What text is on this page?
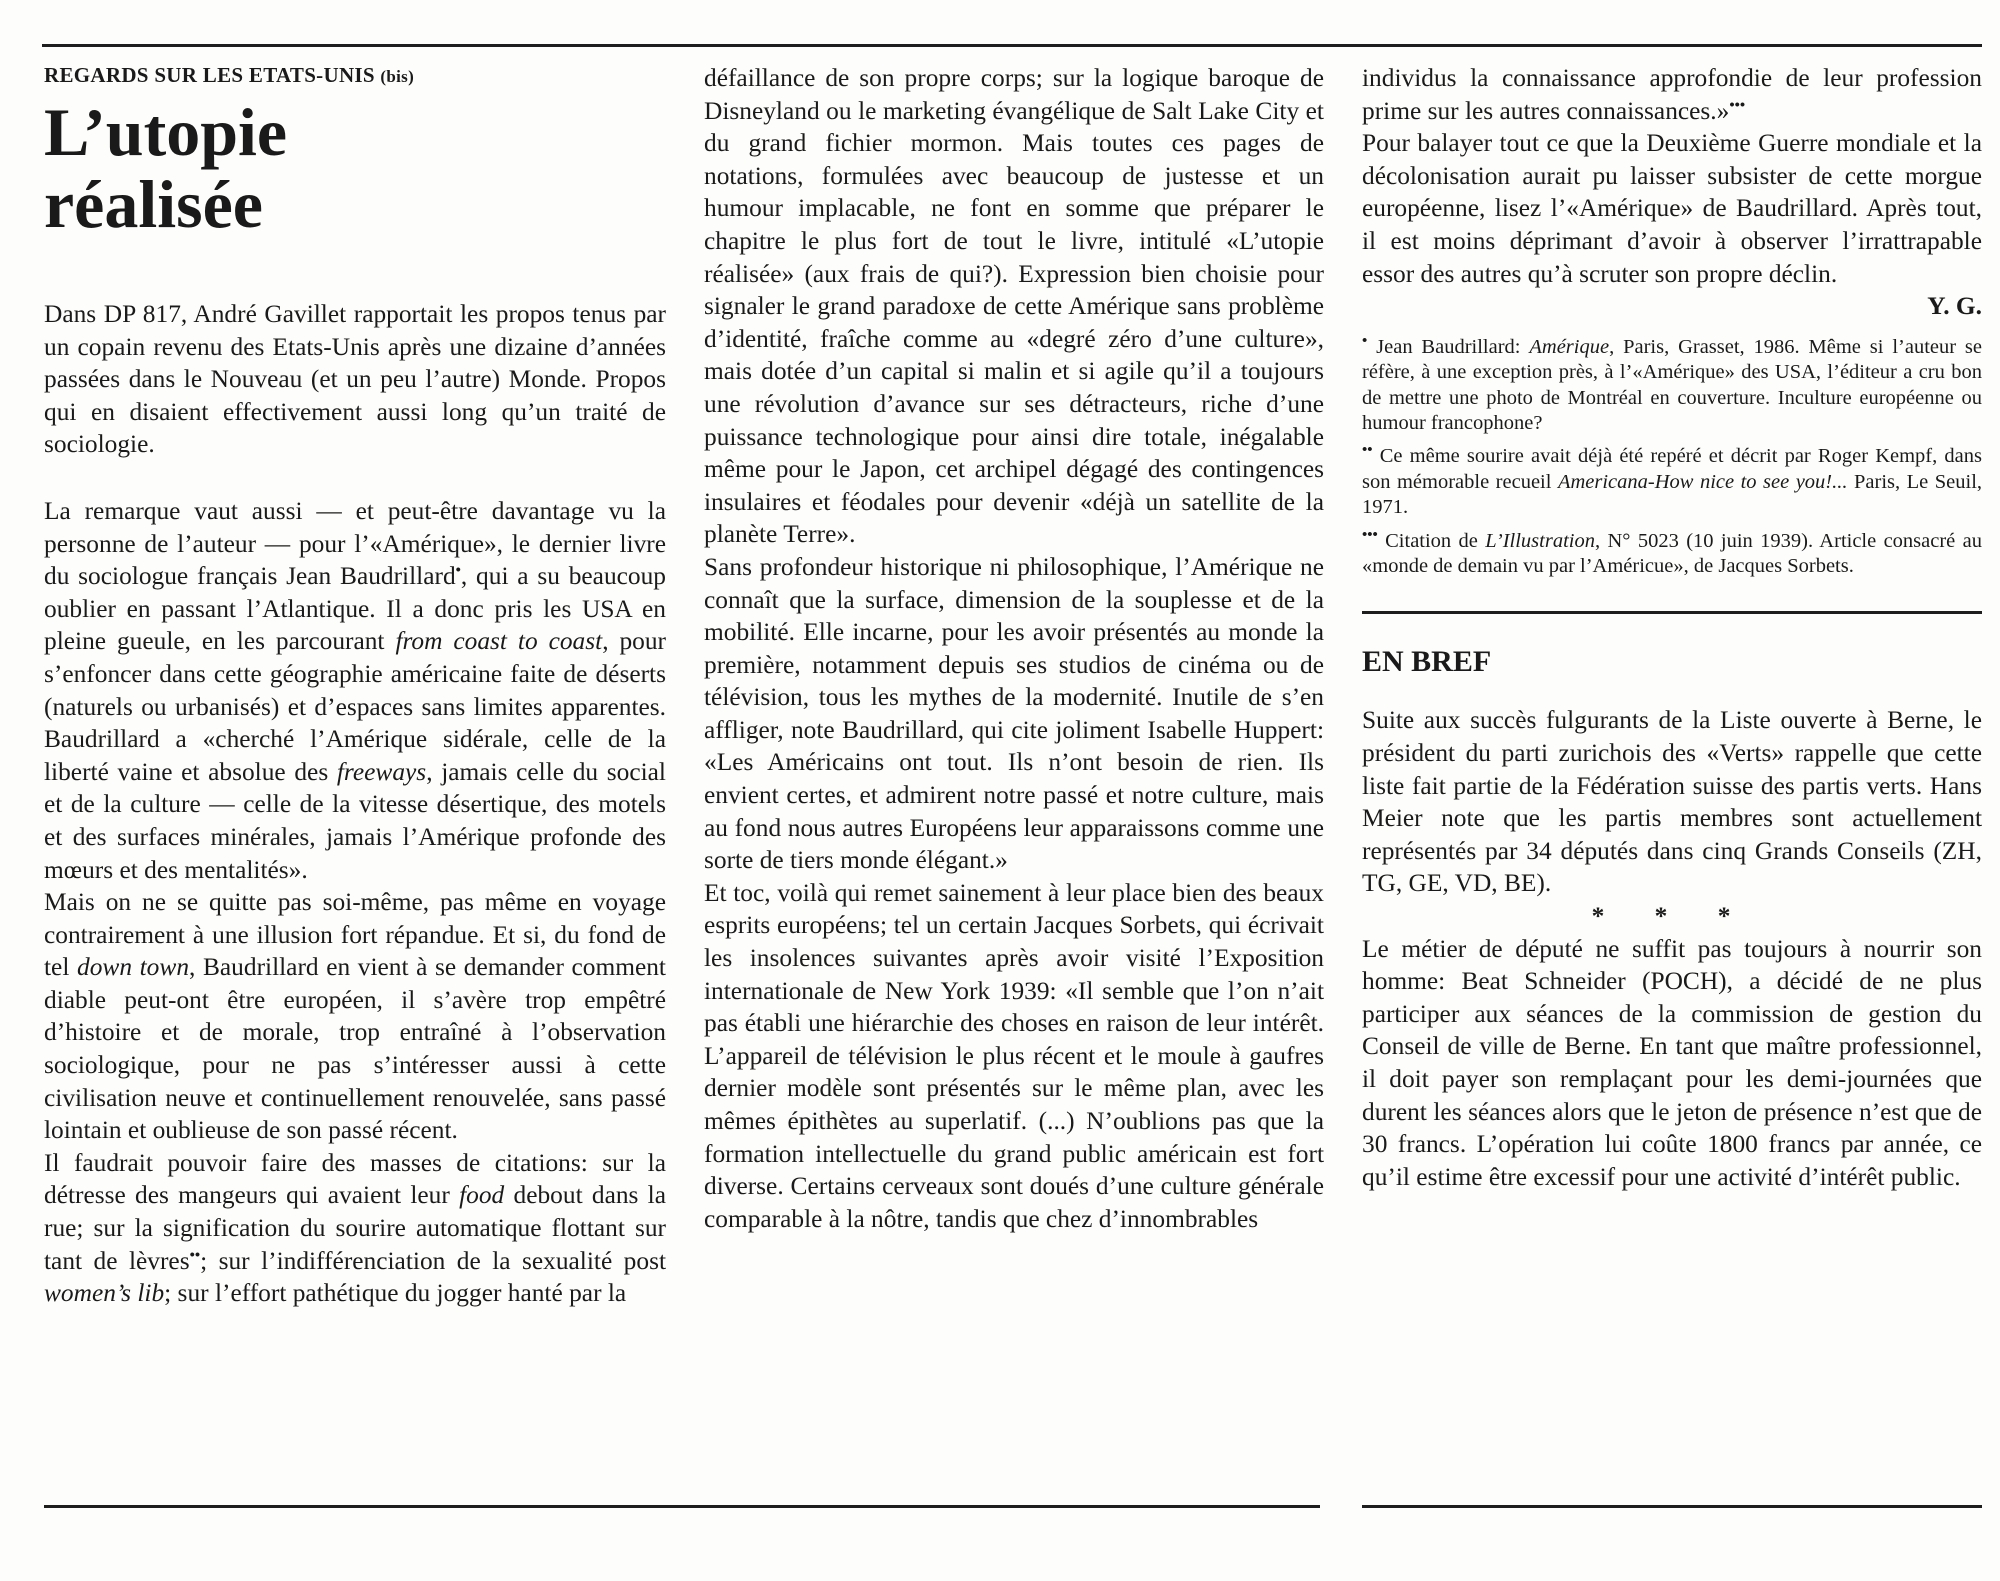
REGARDS SUR LES ETATS-UNIS (bis)
L’utopie
réalisée

Dans DP 817, André Gavillet rapportait les propos tenus par un copain revenu des Etats-Unis après une dizaine d’années passées dans le Nouveau (et un peu l’autre) Monde. Propos qui en disaient effectivement aussi long qu’un traité de sociologie.

La remarque vaut aussi — et peut-être davantage vu la personne de l’auteur — pour l’«Amérique», le dernier livre du sociologue français Jean Baudrillard•, qui a su beaucoup oublier en passant l’Atlantique. Il a donc pris les USA en pleine gueule, en les parcourant from coast to coast, pour s’enfoncer dans cette géographie américaine faite de déserts (naturels ou urbanisés) et d’espaces sans limites apparentes. Baudrillard a «cherché l’Amérique sidérale, celle de la liberté vaine et absolue des freeways, jamais celle du social et de la culture — celle de la vitesse désertique, des motels et des surfaces minérales, jamais l’Amérique profonde des mœurs et des mentalités».

Mais on ne se quitte pas soi-même, pas même en voyage contrairement à une illusion fort répandue. Et si, du fond de tel down town, Baudrillard en vient à se demander comment diable peut-ont être européen, il s’avère trop empêtré d’histoire et de morale, trop entraîné à l’observation sociologique, pour ne pas s’intéresser aussi à cette civilisation neuve et continuellement renouvelée, sans passé lointain et oublieuse de son passé récent.

Il faudrait pouvoir faire des masses de citations: sur la détresse des mangeurs qui avaient leur food debout dans la rue; sur la signification du sourire automatique flottant sur tant de lèvres••; sur l’indifférenciation de la sexualité post women’s lib; sur l’effort pathétique du jogger hanté par la

défaillance de son propre corps; sur la logique baroque de Disneyland ou le marketing évangélique de Salt Lake City et du grand fichier mormon. Mais toutes ces pages de notations, formulées avec beaucoup de justesse et un humour implacable, ne font en somme que préparer le chapitre le plus fort de tout le livre, intitulé «L’utopie réalisée» (aux frais de qui?). Expression bien choisie pour signaler le grand paradoxe de cette Amérique sans problème d’identité, fraîche comme au «degré zéro d’une culture», mais dotée d’un capital si malin et si agile qu’il a toujours une révolution d’avance sur ses détracteurs, riche d’une puissance technologique pour ainsi dire totale, inégalable même pour le Japon, cet archipel dégagé des contingences insulaires et féodales pour devenir «déjà un satellite de la planète Terre».

Sans profondeur historique ni philosophique, l’Amérique ne connaît que la surface, dimension de la souplesse et de la mobilité. Elle incarne, pour les avoir présentés au monde la première, notamment depuis ses studios de cinéma ou de télévision, tous les mythes de la modernité. Inutile de s’en affliger, note Baudrillard, qui cite joliment Isabelle Huppert: «Les Américains ont tout. Ils n’ont besoin de rien. Ils envient certes, et admirent notre passé et notre culture, mais au fond nous autres Européens leur apparaissons comme une sorte de tiers monde élégant.»

Et toc, voilà qui remet sainement à leur place bien des beaux esprits européens; tel un certain Jacques Sorbets, qui écrivait les insolences suivantes après avoir visité l’Exposition internationale de New York 1939: «Il semble que l’on n’ait pas établi une hiérarchie des choses en raison de leur intérêt. L’appareil de télévision le plus récent et le moule à gaufres dernier modèle sont présentés sur le même plan, avec les mêmes épithètes au superlatif. (...) N’oublions pas que la formation intellectuelle du grand public américain est fort diverse. Certains cerveaux sont doués d’une culture générale comparable à la nôtre, tandis que chez d’innombrables

individus la connaissance approfondie de leur profession prime sur les autres connaissances.»•••

Pour balayer tout ce que la Deuxième Guerre mondiale et la décolonisation aurait pu laisser subsister de cette morgue européenne, lisez l’«Amérique» de Baudrillard. Après tout, il est moins déprimant d’avoir à observer l’irrattrapable essor des autres qu’à scruter son propre déclin.

Y. G.

• Jean Baudrillard: Amérique, Paris, Grasset, 1986. Même si l’auteur se réfère, à une exception près, à l’«Amérique» des USA, l’éditeur a cru bon de mettre une photo de Montréal en couverture. Inculture européenne ou humour francophone?

•• Ce même sourire avait déjà été repéré et décrit par Roger Kempf, dans son mémorable recueil Americana-How nice to see you!... Paris, Le Seuil, 1971.

••• Citation de L’Illustration, N° 5023 (10 juin 1939). Article consacré au «monde de demain vu par l’Américue», de Jacques Sorbets.

EN BREF

Suite aux succès fulgurants de la Liste ouverte à Berne, le président du parti zurichois des «Verts» rappelle que cette liste fait partie de la Fédération suisse des partis verts. Hans Meier note que les partis membres sont actuellement représentés par 34 députés dans cinq Grands Conseils (ZH, TG, GE, VD, BE).

* * *

Le métier de député ne suffit pas toujours à nourrir son homme: Beat Schneider (POCH), a décidé de ne plus participer aux séances de la commission de gestion du Conseil de ville de Berne. En tant que maître professionnel, il doit payer son remplaçant pour les demi-journées que durent les séances alors que le jeton de présence n’est que de 30 francs. L’opération lui coûte 1800 francs par année, ce qu’il estime être excessif pour une activité d’intérêt public.
